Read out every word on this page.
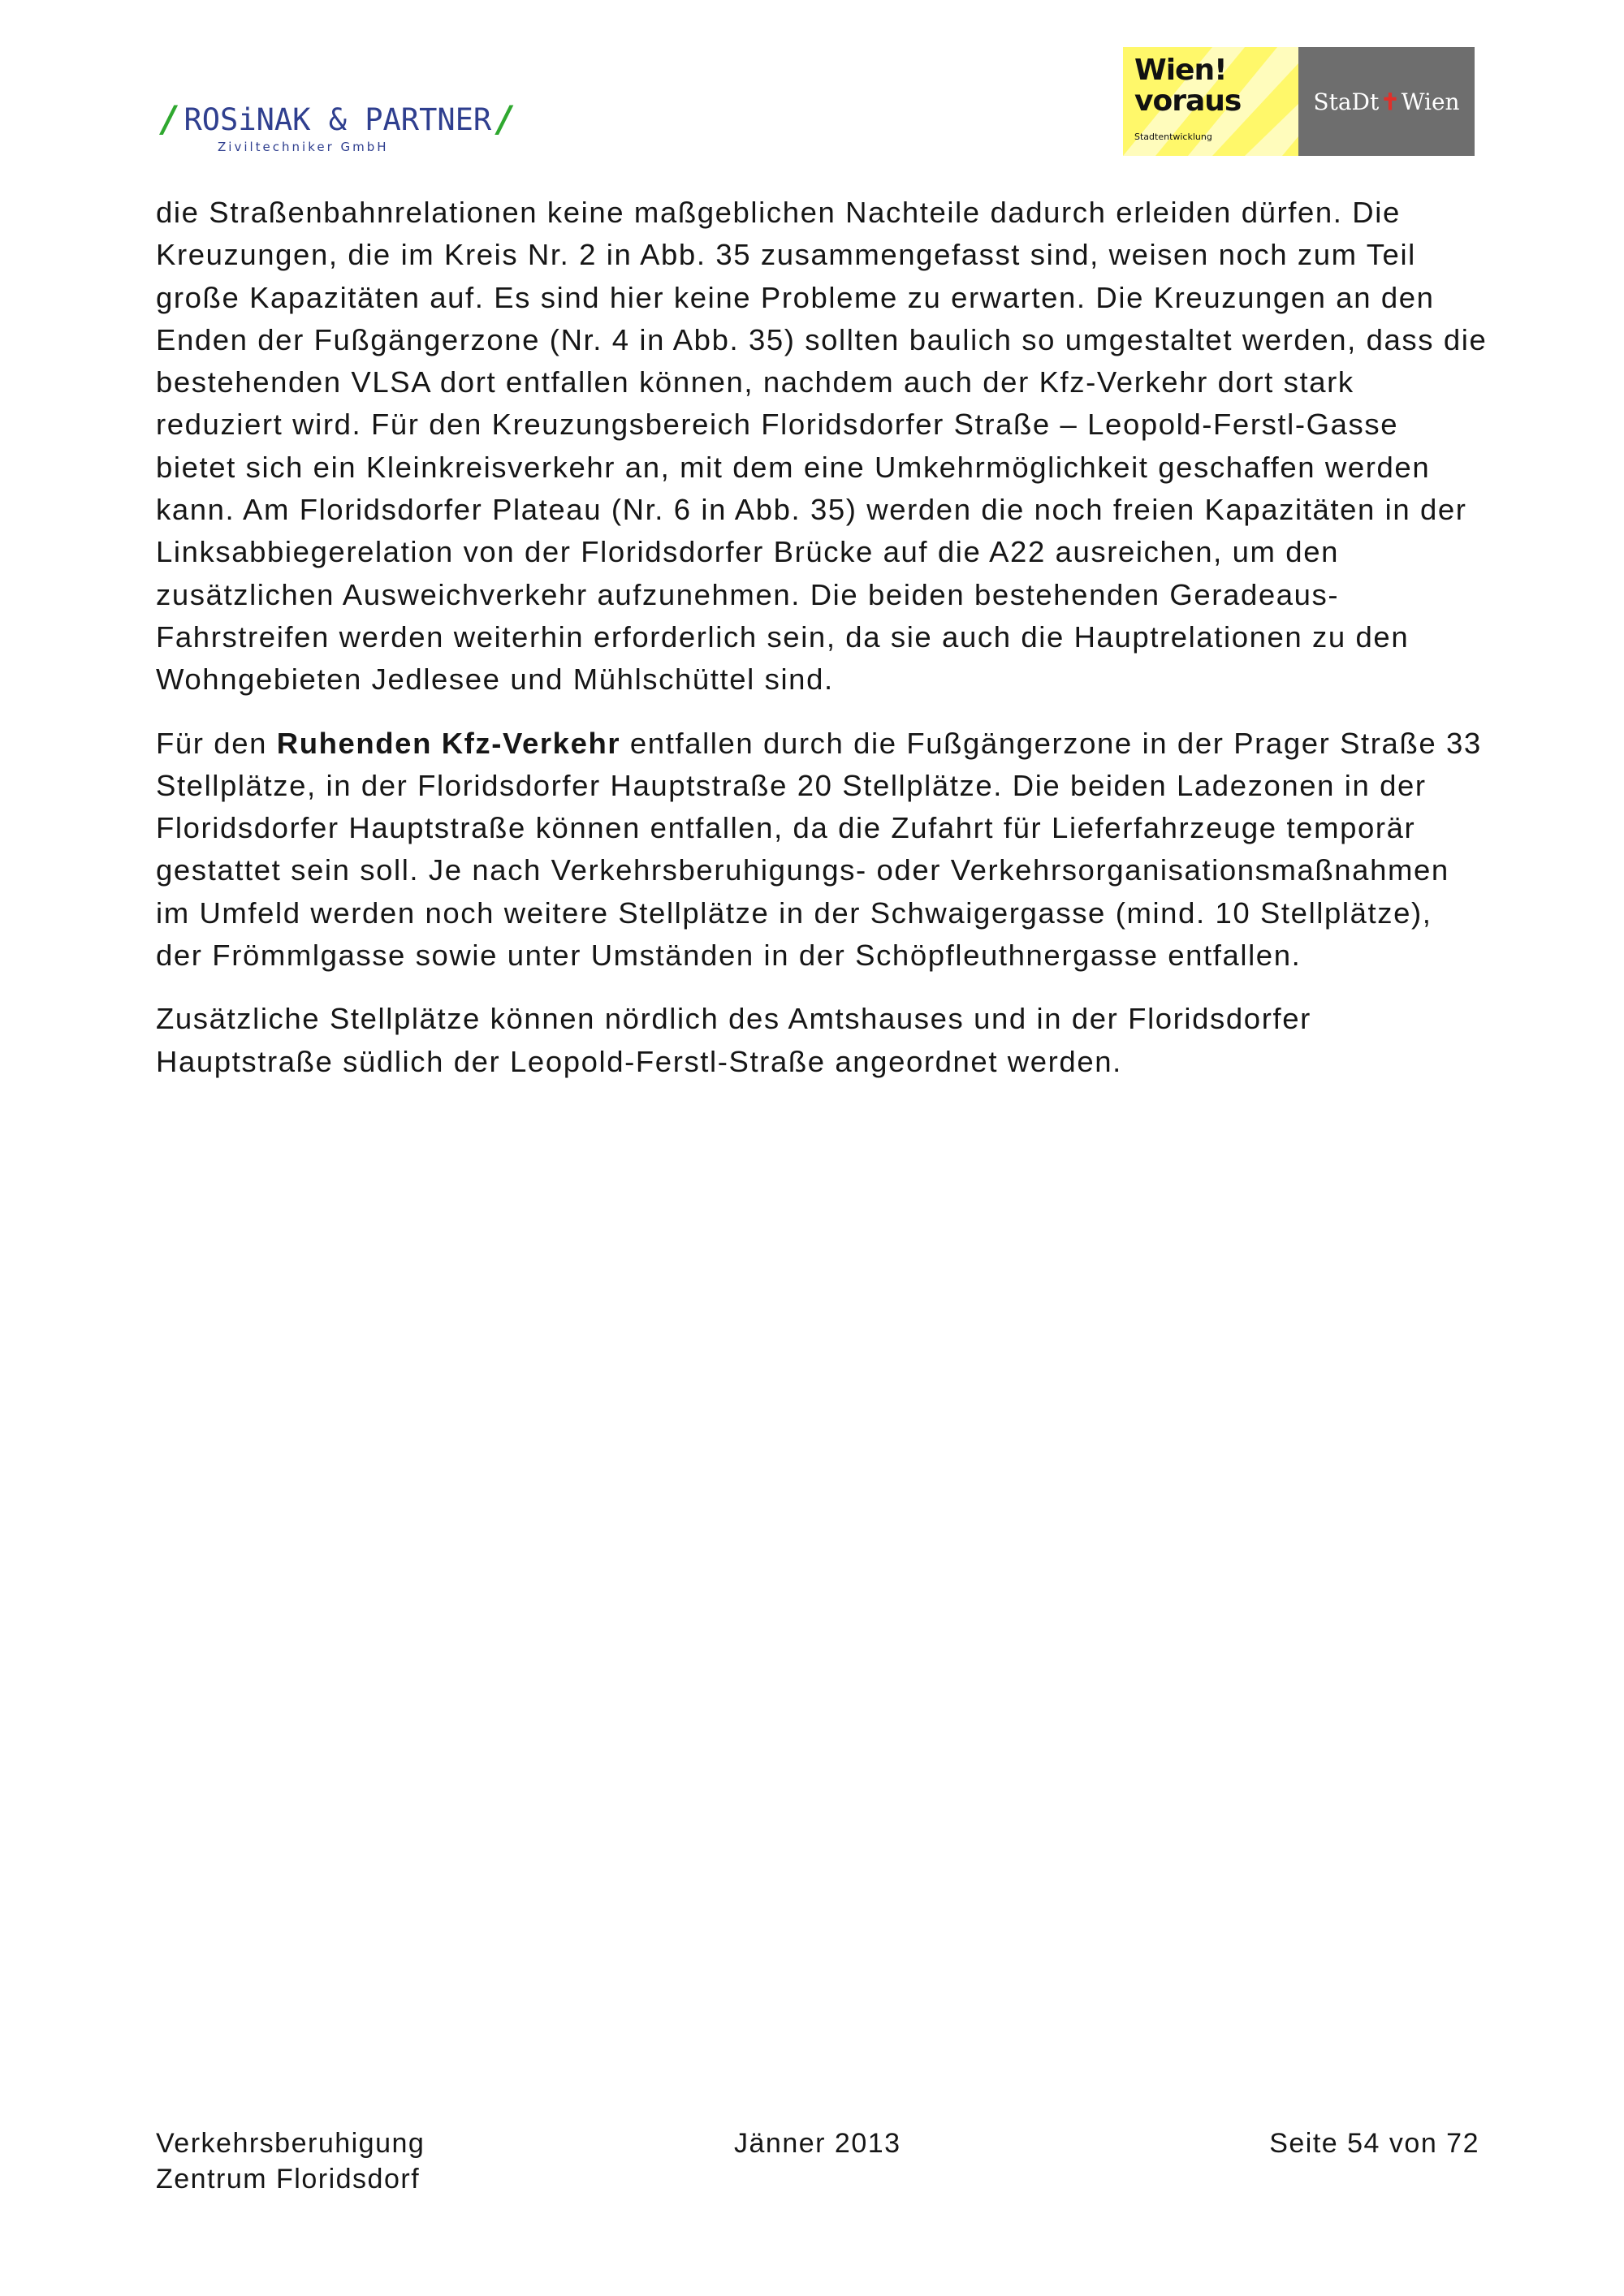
/ ROSiNAK & PARTNER /
Ziviltechniker GmbH
Wien!
voraus
Stadtentwicklung
StaDt ✝ Wien

die Straßenbahnrelationen keine maßgeblichen Nachteile dadurch erleiden dürfen. Die Kreuzungen, die im Kreis Nr. 2 in Abb. 35 zusammengefasst sind, weisen noch zum Teil große Kapazitäten auf. Es sind hier keine Probleme zu erwarten. Die Kreuzungen an den Enden der Fußgängerzone (Nr. 4 in Abb. 35) sollten baulich so umgestaltet werden, dass die bestehenden VLSA dort entfallen können, nachdem auch der Kfz-Verkehr dort stark reduziert wird. Für den Kreuzungsbereich Floridsdorfer Straße – Leopold-Ferstl-Gasse bietet sich ein Kleinkreisverkehr an, mit dem eine Umkehrmöglichkeit geschaffen werden kann. Am Floridsdorfer Plateau (Nr. 6 in Abb. 35) werden die noch freien Kapazitäten in der Linksabbiegerelation von der Floridsdorfer Brücke auf die A22 ausreichen, um den zusätzlichen Ausweichverkehr aufzunehmen. Die beiden bestehenden Geradeaus-Fahrstreifen werden weiterhin erforderlich sein, da sie auch die Hauptrelationen zu den Wohngebieten Jedlesee und Mühlschüttel sind.

Für den Ruhenden Kfz-Verkehr entfallen durch die Fußgängerzone in der Prager Straße 33 Stellplätze, in der Floridsdorfer Hauptstraße 20 Stellplätze. Die beiden Ladezonen in der Floridsdorfer Hauptstraße können entfallen, da die Zufahrt für Lieferfahrzeuge temporär gestattet sein soll. Je nach Verkehrsberuhigungs- oder Verkehrsorganisationsmaßnahmen im Umfeld werden noch weitere Stellplätze in der Schwaigergasse (mind. 10 Stellplätze), der Frömmlgasse sowie unter Umständen in der Schöpfleuthnergasse entfallen.

Zusätzliche Stellplätze können nördlich des Amtshauses und in der Floridsdorfer Hauptstraße südlich der Leopold-Ferstl-Straße angeordnet werden.

Verkehrsberuhigung
Zentrum Floridsdorf
Jänner 2013	Seite 54 von 72
